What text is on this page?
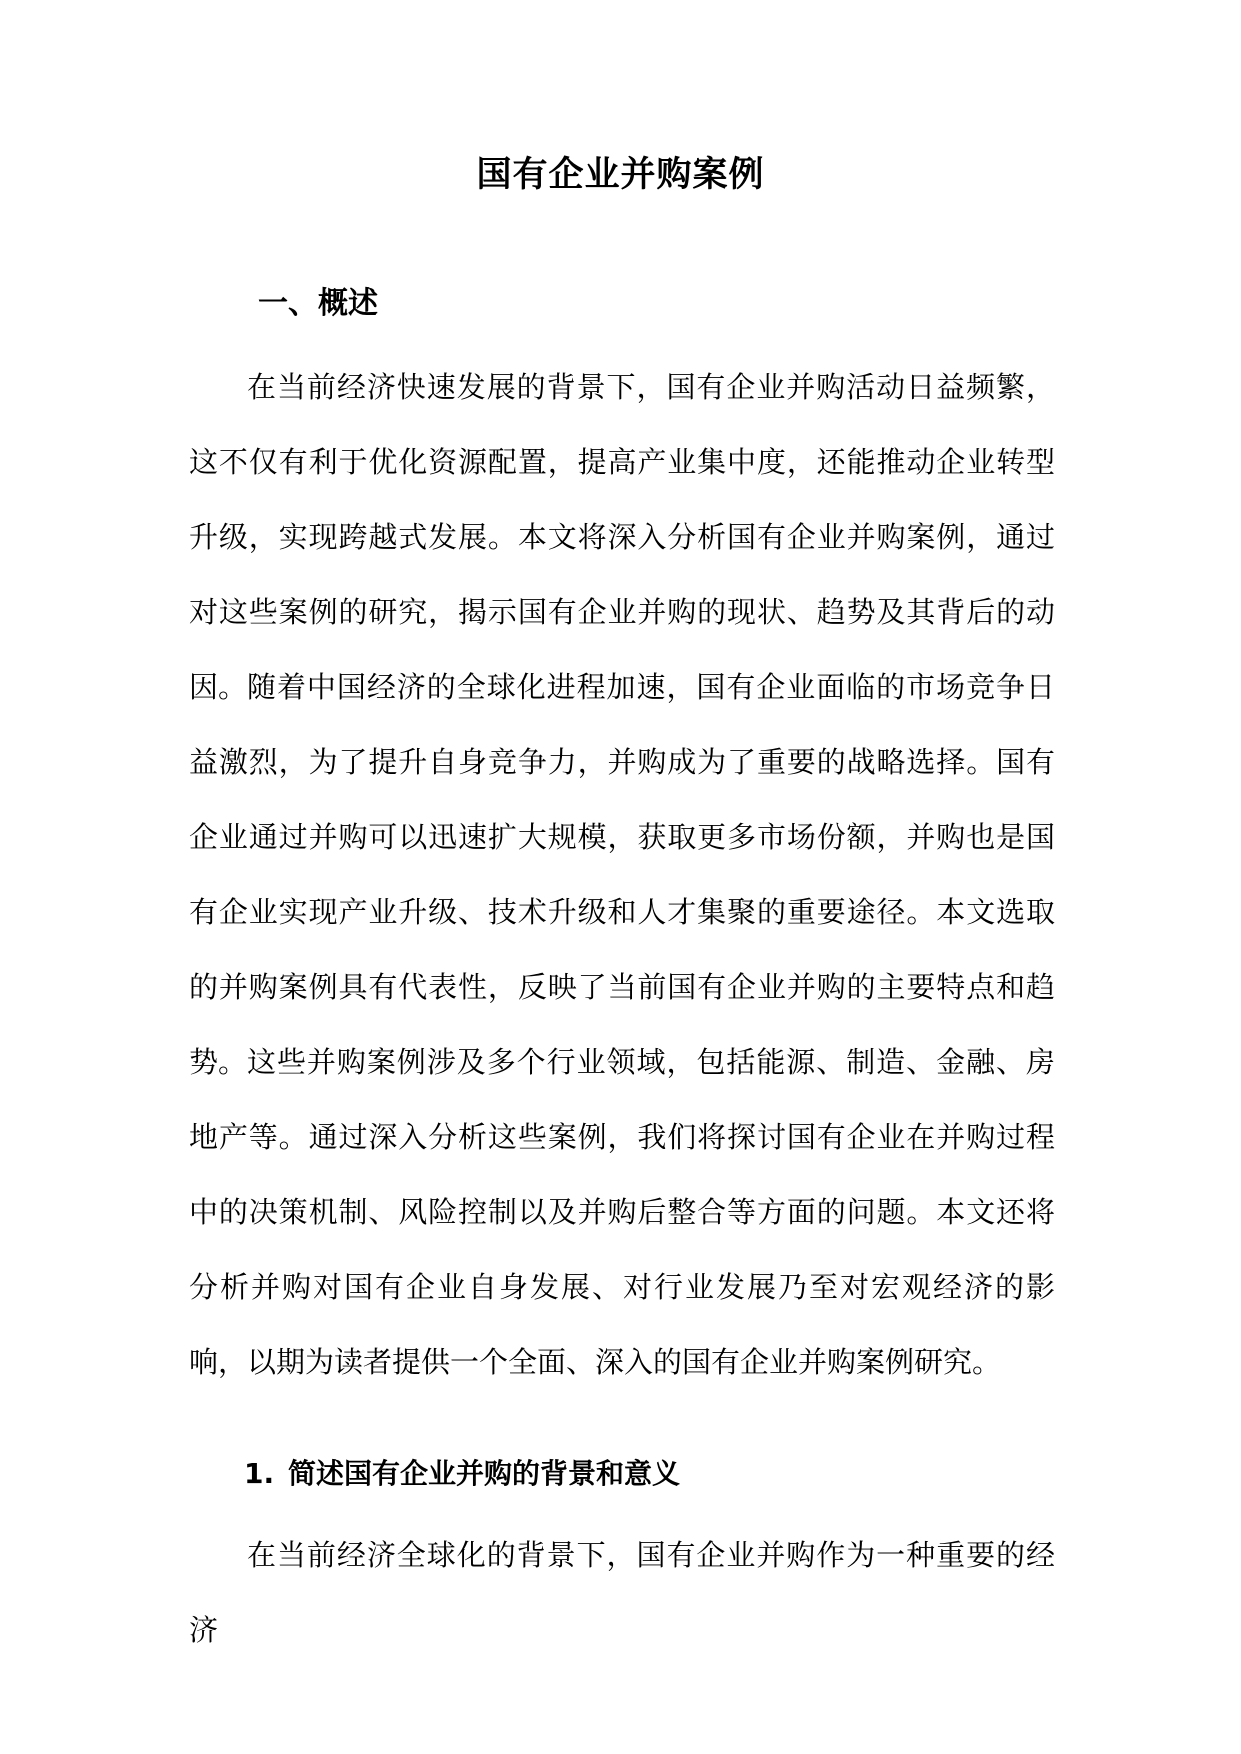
国有企业并购案例
一、概述

在当前经济快速发展的背景下，国有企业并购活动日益频繁，这不仅有利于优化资源配置，提高产业集中度，还能推动企业转型升级，实现跨越式发展。本文将深入分析国有企业并购案例，通过对这些案例的研究，揭示国有企业并购的现状、趋势及其背后的动因。 随着中国经济的全球化进程加速，国有企业面临的市场竞争日益激烈，为了提升自身竞争力，并购成为了重要的战略选择。国有企业通过并购可以迅速扩大规模，获取更多市场份额，并购也是国有企业实现产业升级、技术升级和人才集聚的重要途径。本文选取的并购案例具有代表性，反映了当前国有企业并购的主要特点和趋势。 这些并购案例涉及多个行业领域，包括能源、制造、金融、房地产等。通过深入分析这些案例，我们将探讨国有企业在并购过程中的决策机制、风险控制以及并购后整合等方面的问题。本文还将分析并购对国有企业自身发展、对行业发展乃至对宏观经济的影响，以期为读者提供一个全面、深入的国有企业并购案例研究。

1. 简述国有企业并购的背景和意义

在当前经济全球化的背景下，国有企业并购作为一种重要的经济
